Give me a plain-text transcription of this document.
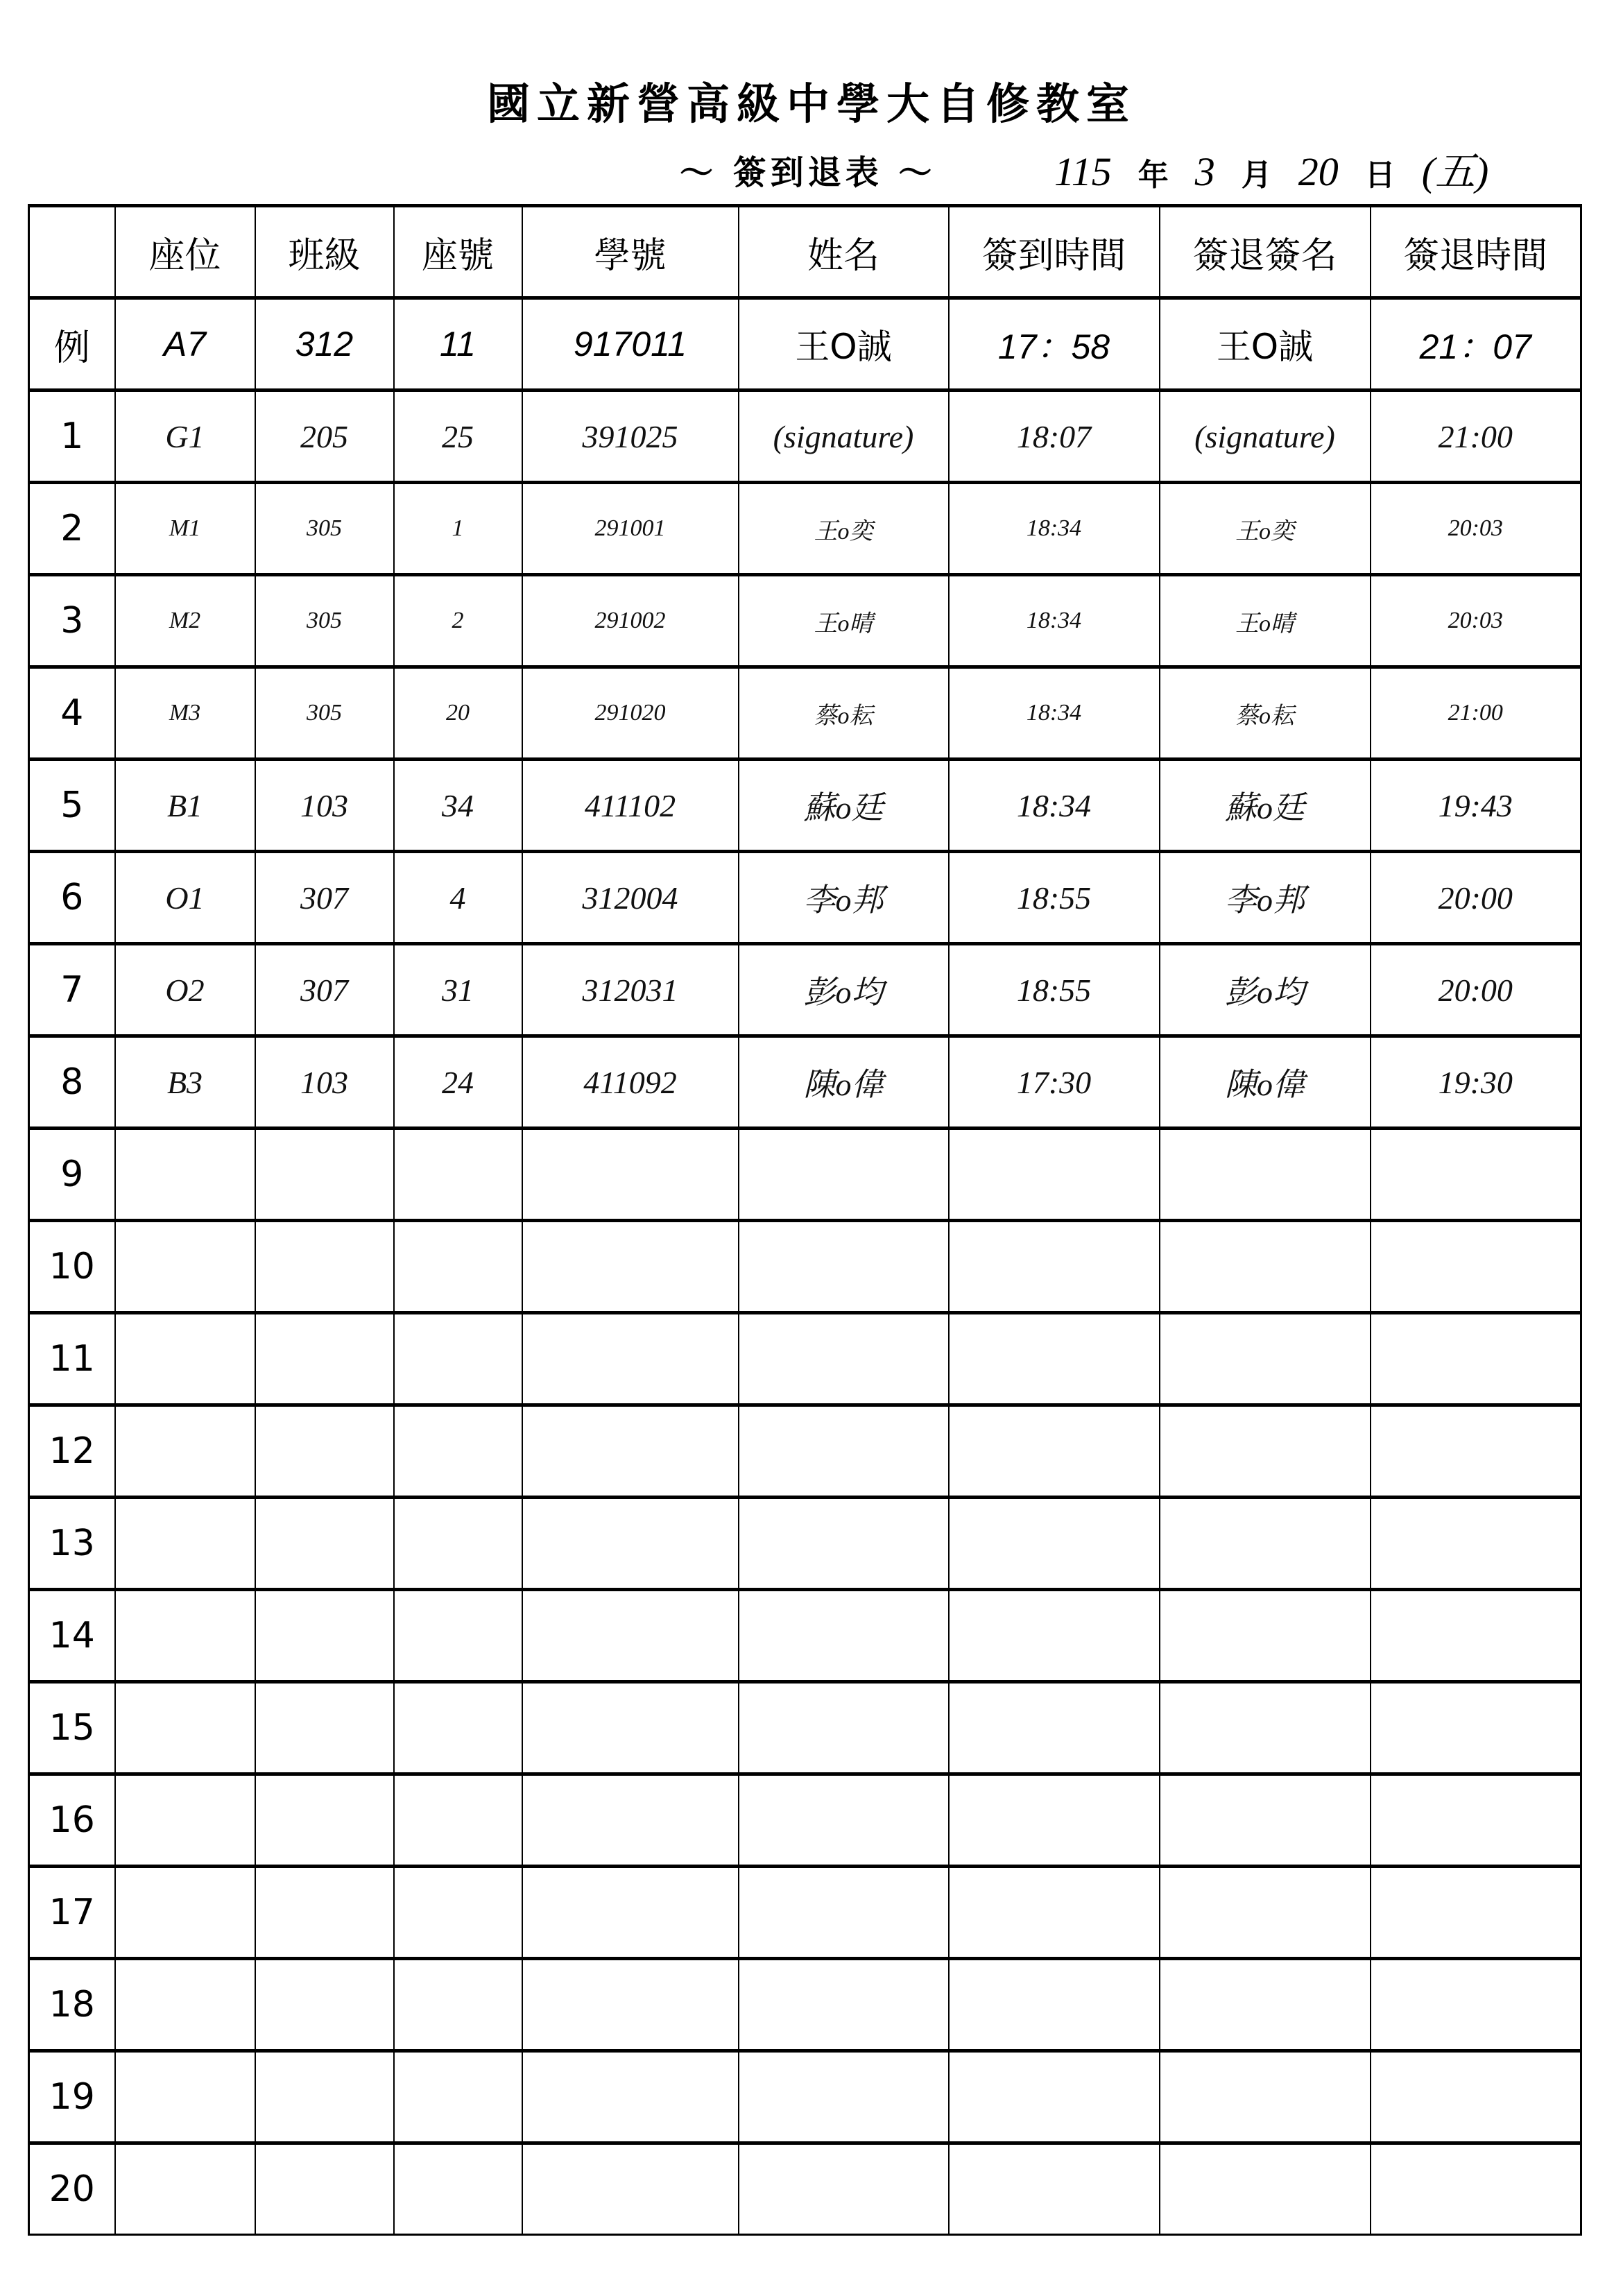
國立新營高級中學大自修教室
～ 簽到退表 ～	115 年 3 月 20 日 (五)
	座位	班級	座號	學號	姓名	簽到時間	簽退簽名	簽退時間
例	A7	312	11	917011	王O誠	17：58	王O誠	21：07
1	G1	205	25	391025	(signature)	18:07	(signature)	21:00
2	M1	305	1	291001	王o奕	18:34	王o奕	20:03
3	M2	305	2	291002	王o晴	18:34	王o晴	20:03
4	M3	305	20	291020	蔡o耘	18:34	蔡o耘	21:00
5	B1	103	34	411102	蘇o廷	18:34	蘇o廷	19:43
6	O1	307	4	312004	李o邦	18:55	李o邦	20:00
7	O2	307	31	312031	彭o均	18:55	彭o均	20:00
8	B3	103	24	411092	陳o偉	17:30	陳o偉	19:30
9								
10								
11								
12								
13								
14								
15								
16								
17								
18								
19								
20								
